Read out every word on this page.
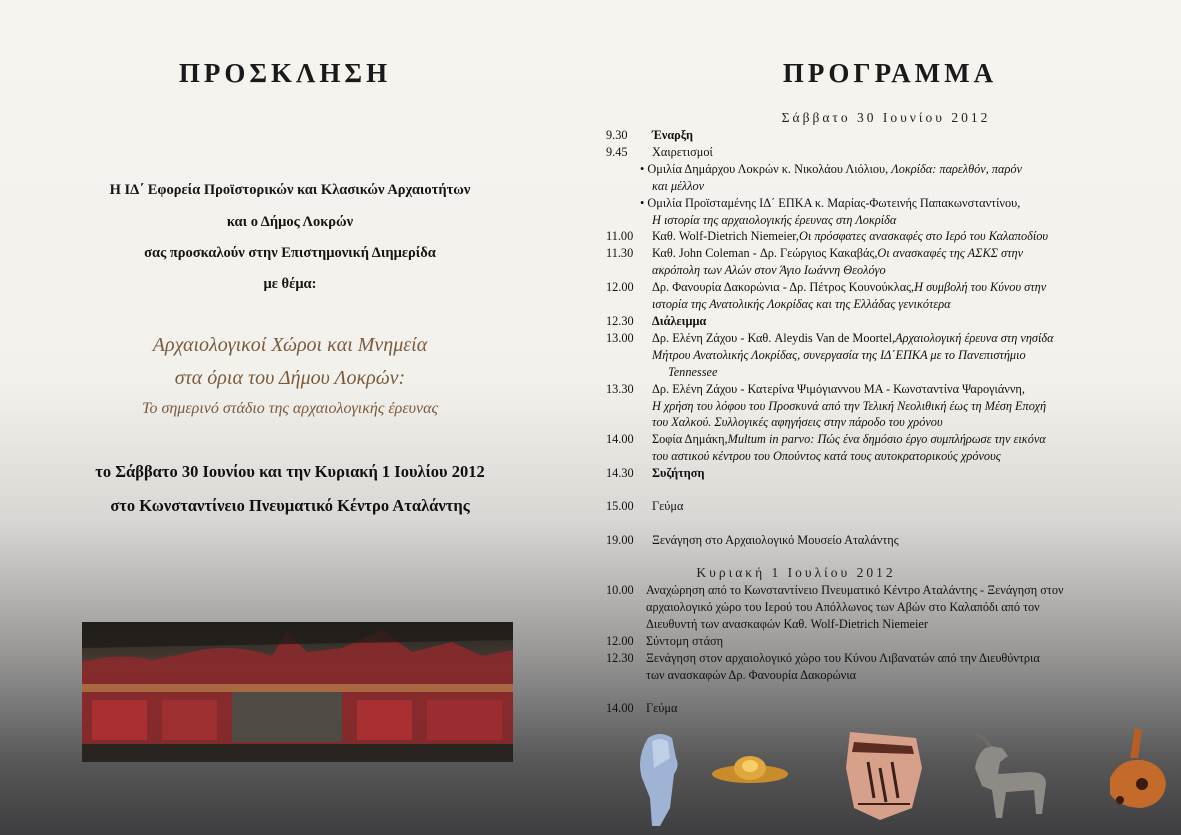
ΠΡΟΣΚΛΗΣΗ
Η ΙΔ΄ Εφορεία Προϊστορικών και Κλασικών Αρχαιοτήτων
και ο Δήμος Λοκρών
σας προσκαλούν στην Επιστημονική Διημερίδα
με θέμα:
Αρχαιολογικοί Χώροι και Μνημεία
στα όρια του Δήμου Λοκρών:
Το σημερινό στάδιο της αρχαιολογικής έρευνας
το Σάββατο 30 Ιουνίου και την Κυριακή 1 Ιουλίου 2012
στο Κωνσταντίνειο Πνευματικό Κέντρο Αταλάντης
ΠΡΟΓΡΑΜΜΑ
Σάββατο 30 Ιουνίου 2012
9.30	Έναρξη
9.45	Χαιρετισμοί
• Ομιλία Δημάρχου Λοκρών κ. Νικολάου Λιόλιου, Λοκρίδα: παρελθόν, παρόν
και μέλλον
• Ομιλία Προϊσταμένης ΙΔ΄ ΕΠΚΑ κ. Μαρίας-Φωτεινής Παπακωνσταντίνου,
Η ιστορία της αρχαιολογικής έρευνας στη Λοκρίδα
11.00	Καθ. Wolf-Dietrich Niemeier, Οι πρόσφατες ανασκαφές στο Ιερό του Καλαποδίου
11.30	Καθ. John Coleman - Δρ. Γεώργιος Κακαβάς, Οι ανασκαφές της ΑΣΚΣ στην
ακρόπολη των Αλών στον Άγιο Ιωάννη Θεολόγο
12.00	Δρ. Φανουρία Δακορώνια - Δρ. Πέτρος Κουνούκλας, Η συμβολή του Κύνου στην
ιστορία της Ανατολικής Λοκρίδας και της Ελλάδας γενικότερα
12.30	Διάλειμμα
13.00	Δρ. Ελένη Ζάχου - Καθ. Aleydis Van de Moortel, Αρχαιολογική έρευνα στη νησίδα
Μήτρου Ανατολικής Λοκρίδας, συνεργασία της ΙΔ΄ΕΠΚΑ με το Πανεπιστήμιο
Tennessee
13.30	Δρ. Ελένη Ζάχου - Κατερίνα Ψιμόγιαννου ΜΑ - Κωνσταντίνα Ψαρογιάννη,
Η χρήση του λόφου του Προσκυνά από την Τελική Νεολιθική έως τη Μέση Εποχή
του Χαλκού. Συλλογικές αφηγήσεις στην πάροδο του χρόνου
14.00	Σοφία Δημάκη, Multum in parvo: Πώς ένα δημόσιο έργο συμπλήρωσε την εικόνα
του αστικού κέντρου του Οπούντος κατά τους αυτοκρατορικούς χρόνους
14.30	Συζήτηση
15.00	Γεύμα
19.00	Ξενάγηση στο Αρχαιολογικό Μουσείο Αταλάντης
Κυριακή 1 Ιουλίου 2012
10.00	Αναχώρηση από το Κωνσταντίνειο Πνευματικό Κέντρο Αταλάντης - Ξενάγηση στον
αρχαιολογικό χώρο του Ιερού του Απόλλωνος των Αβών στο Καλαπόδι από τον
Διευθυντή των ανασκαφών Καθ. Wolf-Dietrich Niemeier
12.00	Σύντομη στάση
12.30	Ξενάγηση στον αρχαιολογικό χώρο του Κύνου Λιβανατών από την Διευθύντρια
των ανασκαφών Δρ. Φανουρία Δακορώνια
14.00	Γεύμα
